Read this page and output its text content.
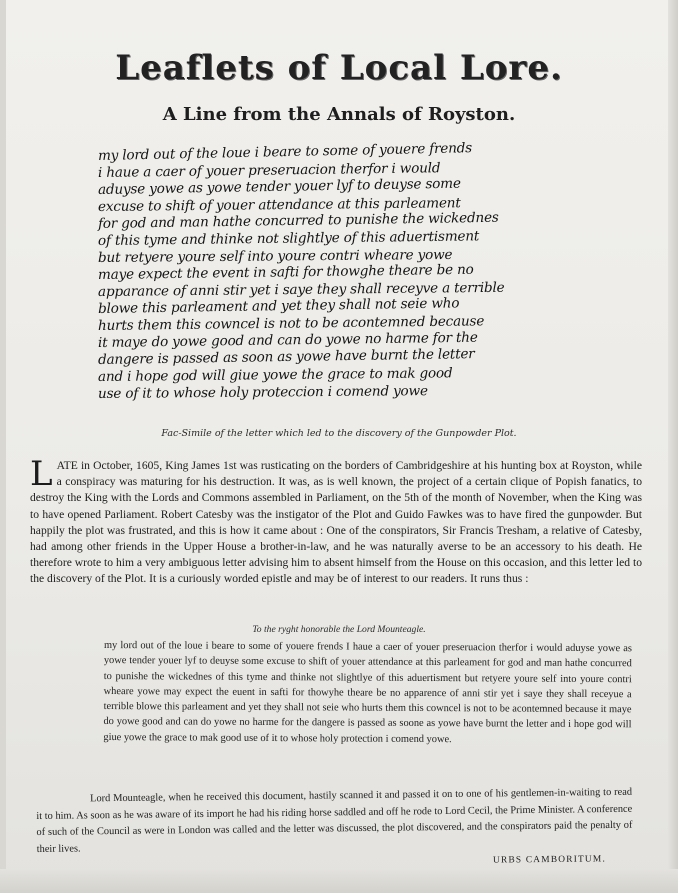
Leaflets of Local Lore.
A Line from the Annals of Royston.
my lord out of the loue i beare to some of youere frends
i haue a caer of youer preseruacion therfor i would
aduyse yowe as yowe tender youer lyf to deuyse some
excuse to shift of youer attendance at this parleament
for god and man hathe concurred to punishe the wickednes
of this tyme and thinke not slightlye of this aduertisment
but retyere youre self into youre contri wheare yowe
maye expect the event in safti for thowghe theare be no
apparance of anni stir yet i saye they shall receyve a terrible
blowe this parleament and yet they shall not seie who
hurts them this cowncel is not to be acontemned because
it maye do yowe good and can do yowe no harme for the
dangere is passed as soon as yowe have burnt the letter
and i hope god will giue yowe the grace to mak good
use of it to whose holy proteccion i comend yowe
Fac-Simile of the letter which led to the discovery of the Gunpowder Plot.
LATE in October, 1605, King James 1st was rusticating on the borders of Cambridgeshire at his hunting box at Royston, while a conspiracy was maturing for his destruction. It was, as is well known, the project of a certain clique of Popish fanatics, to destroy the King with the Lords and Commons assembled in Parliament, on the 5th of the month of November, when the King was to have opened Parliament. Robert Catesby was the instigator of the Plot and Guido Fawkes was to have fired the gunpowder. But happily the plot was frustrated, and this is how it came about : One of the conspirators, Sir Francis Tresham, a relative of Catesby, had among other friends in the Upper House a brother-in-law, and he was naturally averse to be an accessory to his death. He therefore wrote to him a very ambiguous letter advising him to absent himself from the House on this occasion, and this letter led to the discovery of the Plot. It is a curiously worded epistle and may be of interest to our readers. It runs thus :
To the ryght honorable the Lord Mounteagle.
my lord out of the loue i beare to some of youere frends I haue a caer of youer preseruacion therfor i would aduyse yowe as yowe tender youer lyf to deuyse some excuse to shift of youer attendance at this parleament for god and man hathe concurred to punishe the wickednes of this tyme and thinke not slightlye of this aduertisment but retyere youre self into youre contri wheare yowe may expect the euent in safti for thowyhe theare be no apparence of anni stir yet i saye they shall receyue a terrible blowe this parleament and yet they shall not seie who hurts them this cowncel is not to be acontemned because it maye do yowe good and can do yowe no harme for the dangere is passed as soone as yowe have burnt the letter and i hope god will giue yowe the grace to mak good use of it to whose holy protection i comend yowe.
Lord Mounteagle, when he received this document, hastily scanned it and passed it on to one of his gentlemen-in-waiting to read it to him. As soon as he was aware of its import he had his riding horse saddled and off he rode to Lord Cecil, the Prime Minister. A conference of such of the Council as were in London was called and the letter was discussed, the plot discovered, and the conspirators paid the penalty of their lives.
URBS CAMBORITUM.
